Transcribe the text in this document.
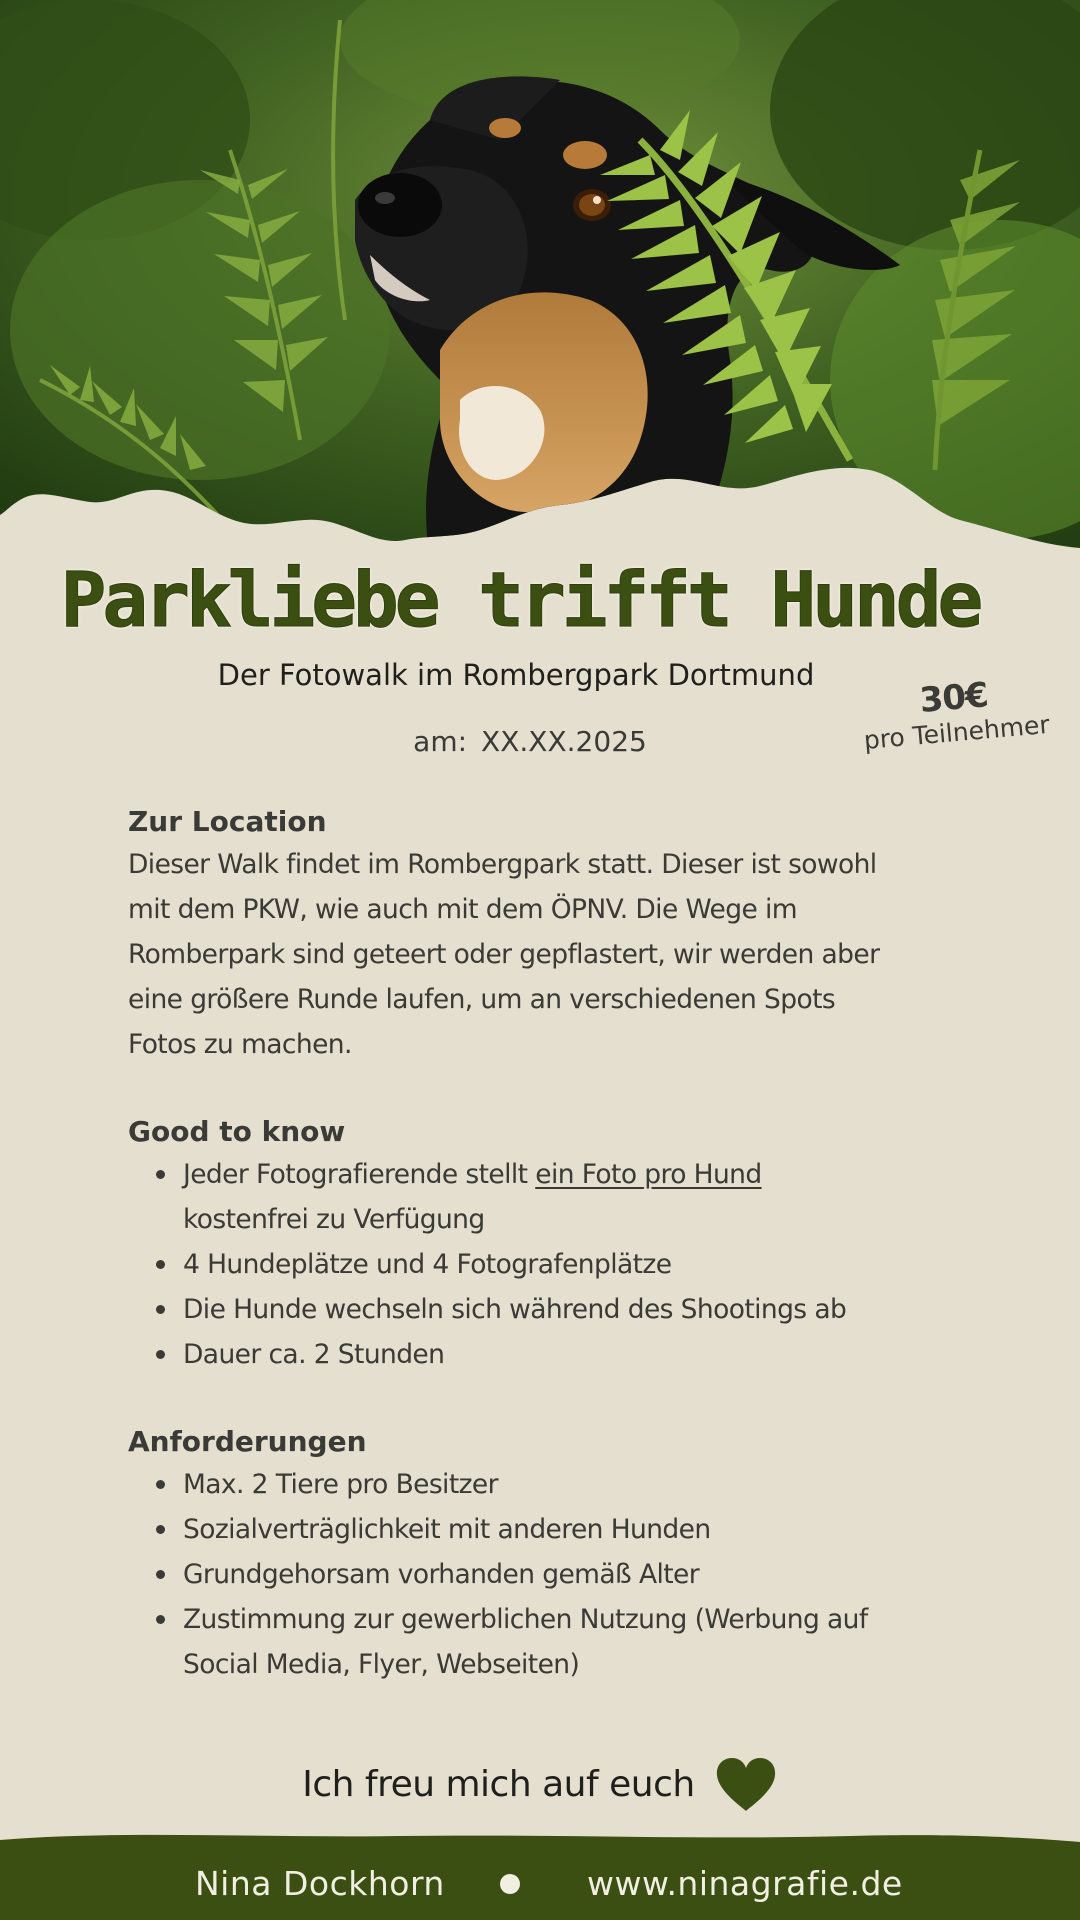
Parkliebe trifft Hunde
Der Fotowalk im Rombergpark Dortmund
am: XX.XX.2025
30€
pro Teilnehmer

Zur Location

Dieser Walk findet im Rombergpark statt. Dieser ist sowohl
mit dem PKW, wie auch mit dem ÖPNV. Die Wege im
Romberpark sind geteert oder gepflastert, wir werden aber
eine größere Runde laufen, um an verschiedenen Spots
Fotos zu machen.

Good to know

Jeder Fotografierende stellt ein Foto pro Hund
kostenfrei zu Verfügung
4 Hundeplätze und 4 Fotografenplätze
Die Hunde wechseln sich während des Shootings ab
Dauer ca. 2 Stunden

Anforderungen

Max. 2 Tiere pro Besitzer
Sozialverträglichkeit mit anderen Hunden
Grundgehorsam vorhanden gemäß Alter
Zustimmung zur gewerblichen Nutzung (Werbung auf
Social Media, Flyer, Webseiten)
Ich freu mich auf euch
Nina Dockhorn	www.ninagrafie.de
